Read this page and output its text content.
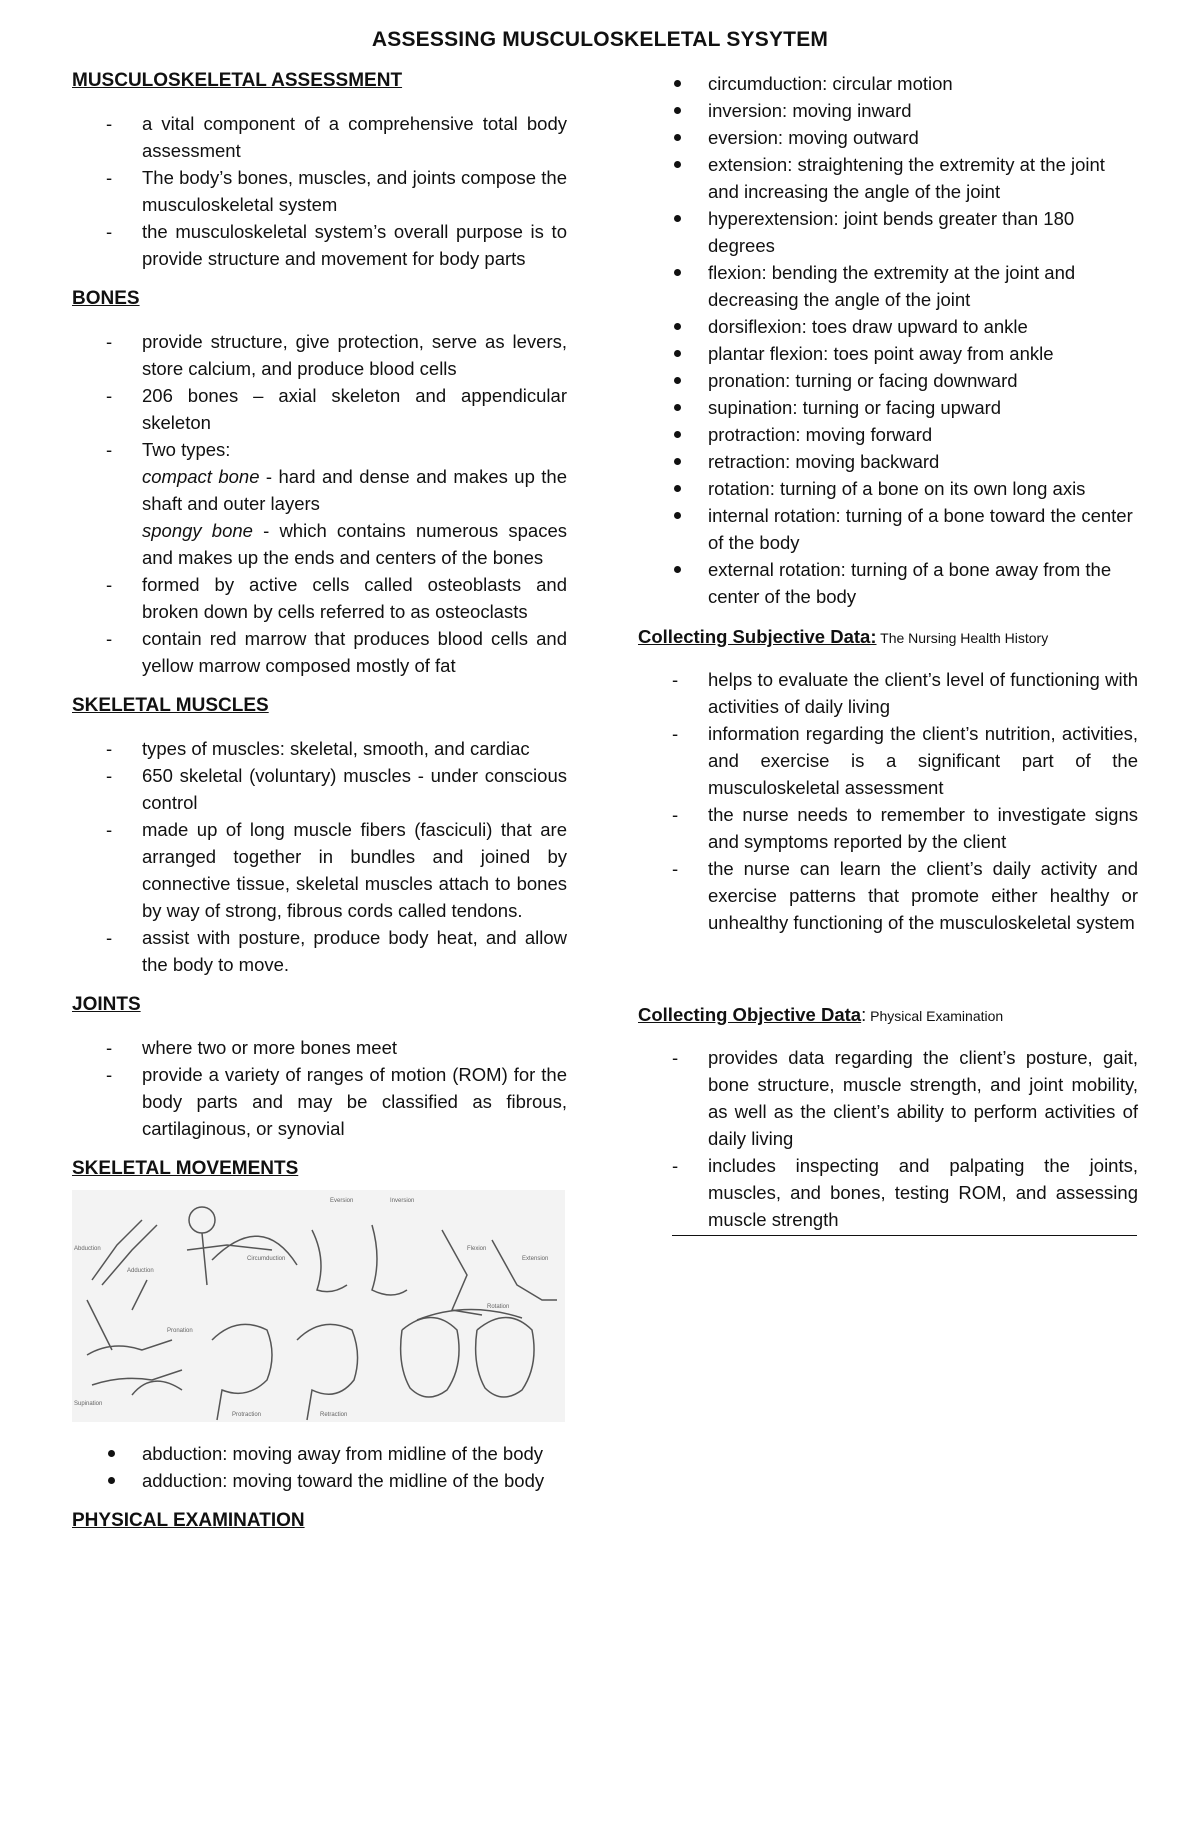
ASSESSING MUSCULOSKELETAL SYSYTEM

MUSCULOSKELETAL ASSESSMENT

- a vital component of a comprehensive total body assessment
- The body’s bones, muscles, and joints compose the musculoskeletal system
- the musculoskeletal system’s overall purpose is to provide structure and movement for body parts

BONES

- provide structure, give protection, serve as levers, store calcium, and produce blood cells
- 206 bones – axial skeleton and appendicular skeleton
- Two types:
compact bone - hard and dense and makes up the shaft and outer layers
spongy bone - which contains numerous spaces and makes up the ends and centers of the bones
- formed by active cells called osteoblasts and broken down by cells referred to as osteoclasts
- contain red marrow that produces blood cells and yellow marrow composed mostly of fat

SKELETAL MUSCLES

- types of muscles: skeletal, smooth, and cardiac
- 650 skeletal (voluntary) muscles - under conscious control
- made up of long muscle fibers (fasciculi) that are arranged together in bundles and joined by connective tissue, skeletal muscles attach to bones by way of strong, fibrous cords called tendons.
- assist with posture, produce body heat, and allow the body to move.

JOINTS

- where two or more bones meet
- provide a variety of ranges of motion (ROM) for the body parts and may be classified as fibrous, cartilaginous, or synovial

SKELETAL MOVEMENTS

Abduction
Adduction
Circumduction
Eversion	Inversion
Flexion
Extension
Pronation
Supination
Protraction	Retraction
Rotation
abduction: moving away from midline of the body
adduction: moving toward the midline of the body

PHYSICAL EXAMINATION

circumduction: circular motion
inversion: moving inward
eversion: moving outward
extension: straightening the extremity at the joint and increasing the angle of the joint
hyperextension: joint bends greater than 180 degrees
flexion: bending the extremity at the joint and decreasing the angle of the joint
dorsiflexion: toes draw upward to ankle
plantar flexion: toes point away from ankle
pronation: turning or facing downward
supination: turning or facing upward
protraction: moving forward
retraction: moving backward
rotation: turning of a bone on its own long axis
internal rotation: turning of a bone toward the center of the body
external rotation: turning of a bone away from the center of the body

Collecting Subjective Data: The Nursing Health History

- helps to evaluate the client’s level of functioning with activities of daily living
- information regarding the client’s nutrition, activities, and exercise is a significant part of the musculoskeletal assessment
- the nurse needs to remember to investigate signs and symptoms reported by the client
- the nurse can learn the client’s daily activity and exercise patterns that promote either healthy or unhealthy functioning of the musculoskeletal system

Collecting Objective Data: Physical Examination

- provides data regarding the client’s posture, gait, bone structure, muscle strength, and joint mobility, as well as the client’s ability to perform activities of daily living
- includes inspecting and palpating the joints, muscles, and bones, testing ROM, and assessing muscle strength
